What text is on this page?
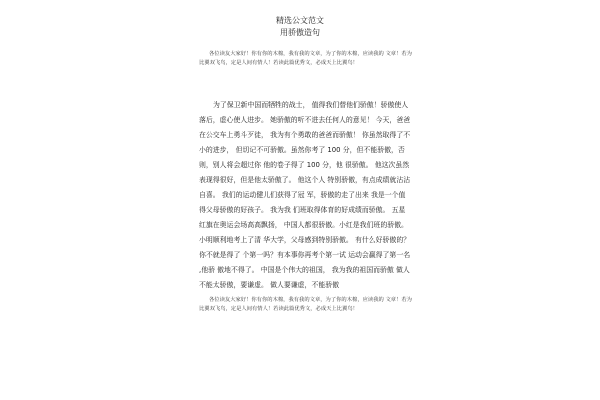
精选公文范文
用骄傲造句
各位读友大家好！你有你的木棉，我有我的文章，为了你的木棉，应读我的 文章！若为比翼双飞鸟，定是人间有情人！若读此篇优秀文，必成天上比翼鸟！
为了保卫新中国而牺牲的战士， 值得我们替他们骄傲！骄傲使人落后，虚心使人进步。 她骄傲的听不进去任何人的意见！ 今天，爸爸在公交车上勇斗歹徒， 我为有个勇敢的爸爸而骄傲！ 你虽然取得了不小的进步， 但切记不可骄傲。虽然你考了 100 分，但不能骄傲，否则，别人将会超过你 他的卷子得了 100 分，他 很骄傲。 他这次虽然表现得很好，但是他太骄傲了。 他这个人 特别骄傲，有点成绩就沾沾自喜。 我们的运动健儿们获得了冠 军，骄傲的走了出来 我是一个值得父母骄傲的好孩子。 我为我 们班取得体育的好成绩而骄傲。 五星红旗在奥运会场高高飘扬， 中国人都很骄傲。小红是我们班的骄傲。 小明顺利地考上了清 华大学，父母感到特别骄傲。 有什么好骄傲的？你不就是得了 个第一吗？有本事你再考个第一试 运动会赢得了第一名 ,他骄 傲地不得了。 中国是个伟大的祖国， 我为我的祖国而骄傲 做人 不能太骄傲，要谦虚。 做人要谦虚，不能骄傲
各位读友大家好！你有你的木棉，我有我的文章，为了你的木棉，应读我的 文章！若为比翼双飞鸟，定是人间有情人！若读此篇优秀文，必成天上比翼鸟！
